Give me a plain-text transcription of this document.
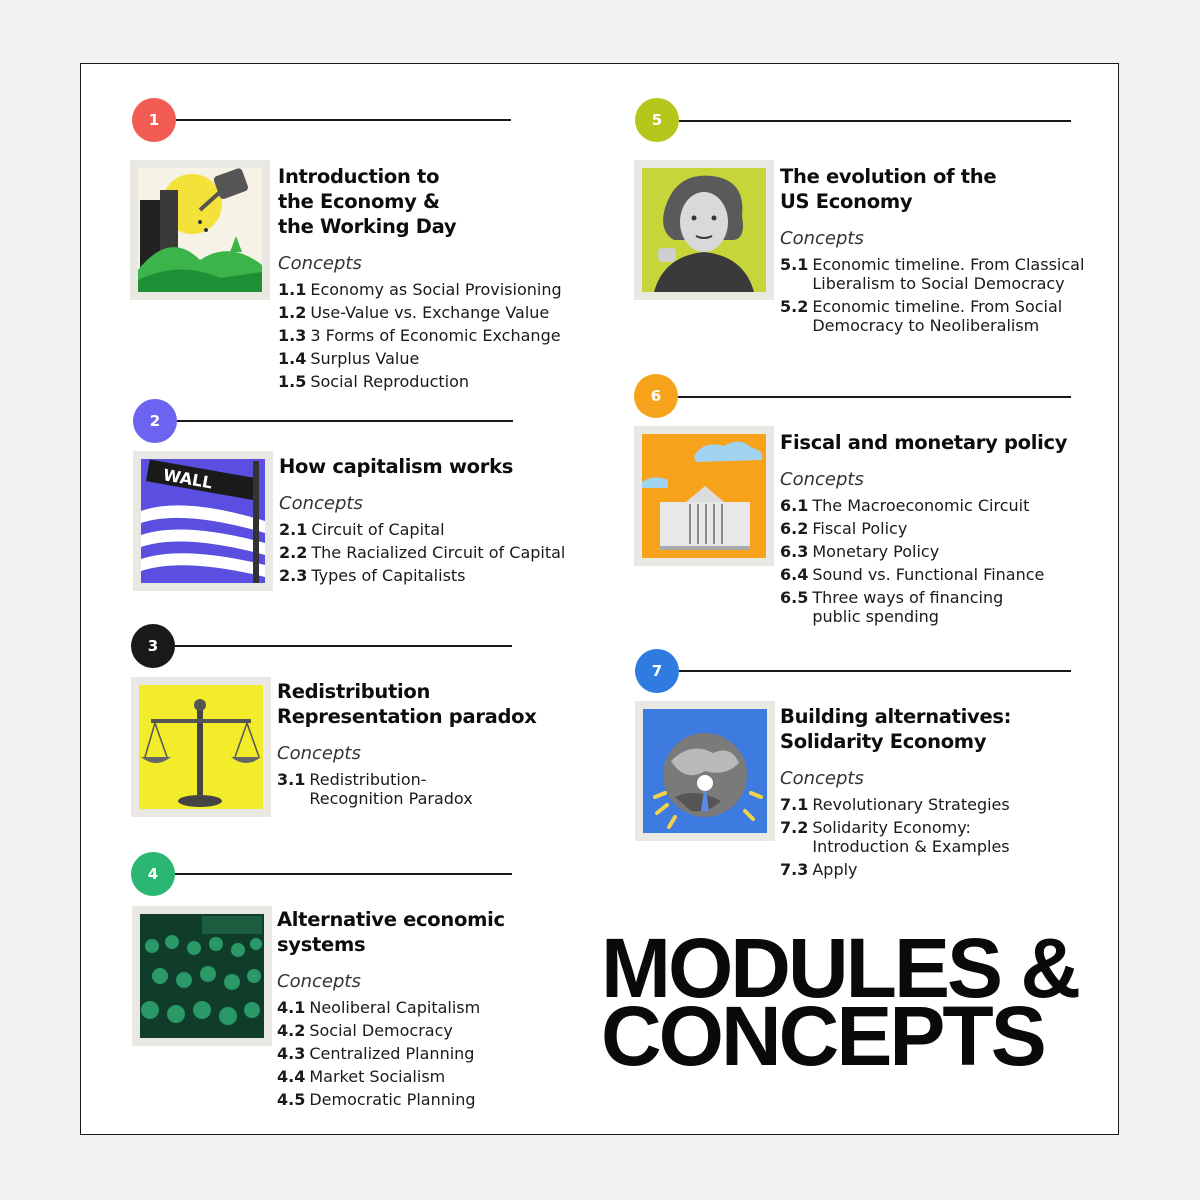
1
Introduction to
the Economy &
the Working Day
Concepts
1.1 Economy as Social Provisioning
1.2 Use-Value vs. Exchange Value
1.3 3 Forms of Economic Exchange
1.4 Surplus Value
1.5 Social Reproduction
2
WALL	How capitalism works
Concepts
2.1 Circuit of Capital
2.2 The Racialized Circuit of Capital
2.3 Types of Capitalists
3
Redistribution
Representation paradox
Concepts
3.1 Redistribution-
Recognition Paradox
4
Alternative economic
systems
Concepts
4.1 Neoliberal Capitalism
4.2 Social Democracy
4.3 Centralized Planning
4.4 Market Socialism
4.5 Democratic Planning
5
The evolution of the
US Economy
Concepts
5.1 Economic timeline. From Classical
Liberalism to Social Democracy
5.2 Economic timeline. From Social
Democracy to Neoliberalism
6
Fiscal and monetary policy
Concepts
6.1 The Macroeconomic Circuit
6.2 Fiscal Policy
6.3 Monetary Policy
6.4 Sound vs. Functional Finance
6.5 Three ways of financing
public spending
7
Building alternatives:
Solidarity Economy
Concepts
7.1 Revolutionary Strategies
7.2 Solidarity Economy:
Introduction & Examples
7.3 Apply
MODULES &
CONCEPTS
